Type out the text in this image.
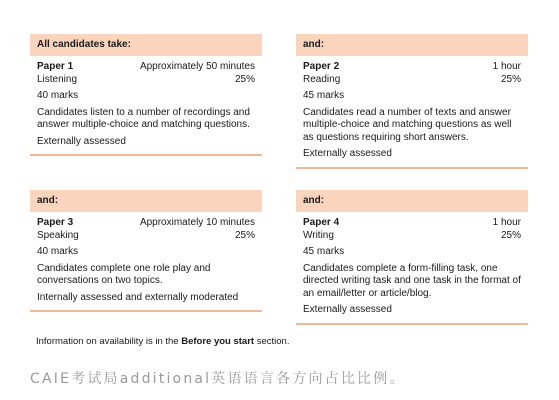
All candidates take:
Paper 1	Approximately 50 minutes
Listening	25%
40 marks

Candidates listen to a number of recordings and answer multiple-choice and matching questions.

Externally assessed
and:
Paper 2	1 hour
Reading	25%
45 marks

Candidates read a number of texts and answer multiple-choice and matching questions as well as questions requiring short answers.

Externally assessed
and:
Paper 3	Approximately 10 minutes
Speaking	25%
40 marks

Candidates complete one role play and conversations on two topics.

Internally assessed and externally moderated
and:
Paper 4	1 hour
Writing	25%
45 marks

Candidates complete a form-filling task, one directed writing task and one task in the format of an email/letter or article/blog.

Externally assessed
Information on availability is in the Before you start section.
CAIE考试局additional英语语言各方向占比比例。
